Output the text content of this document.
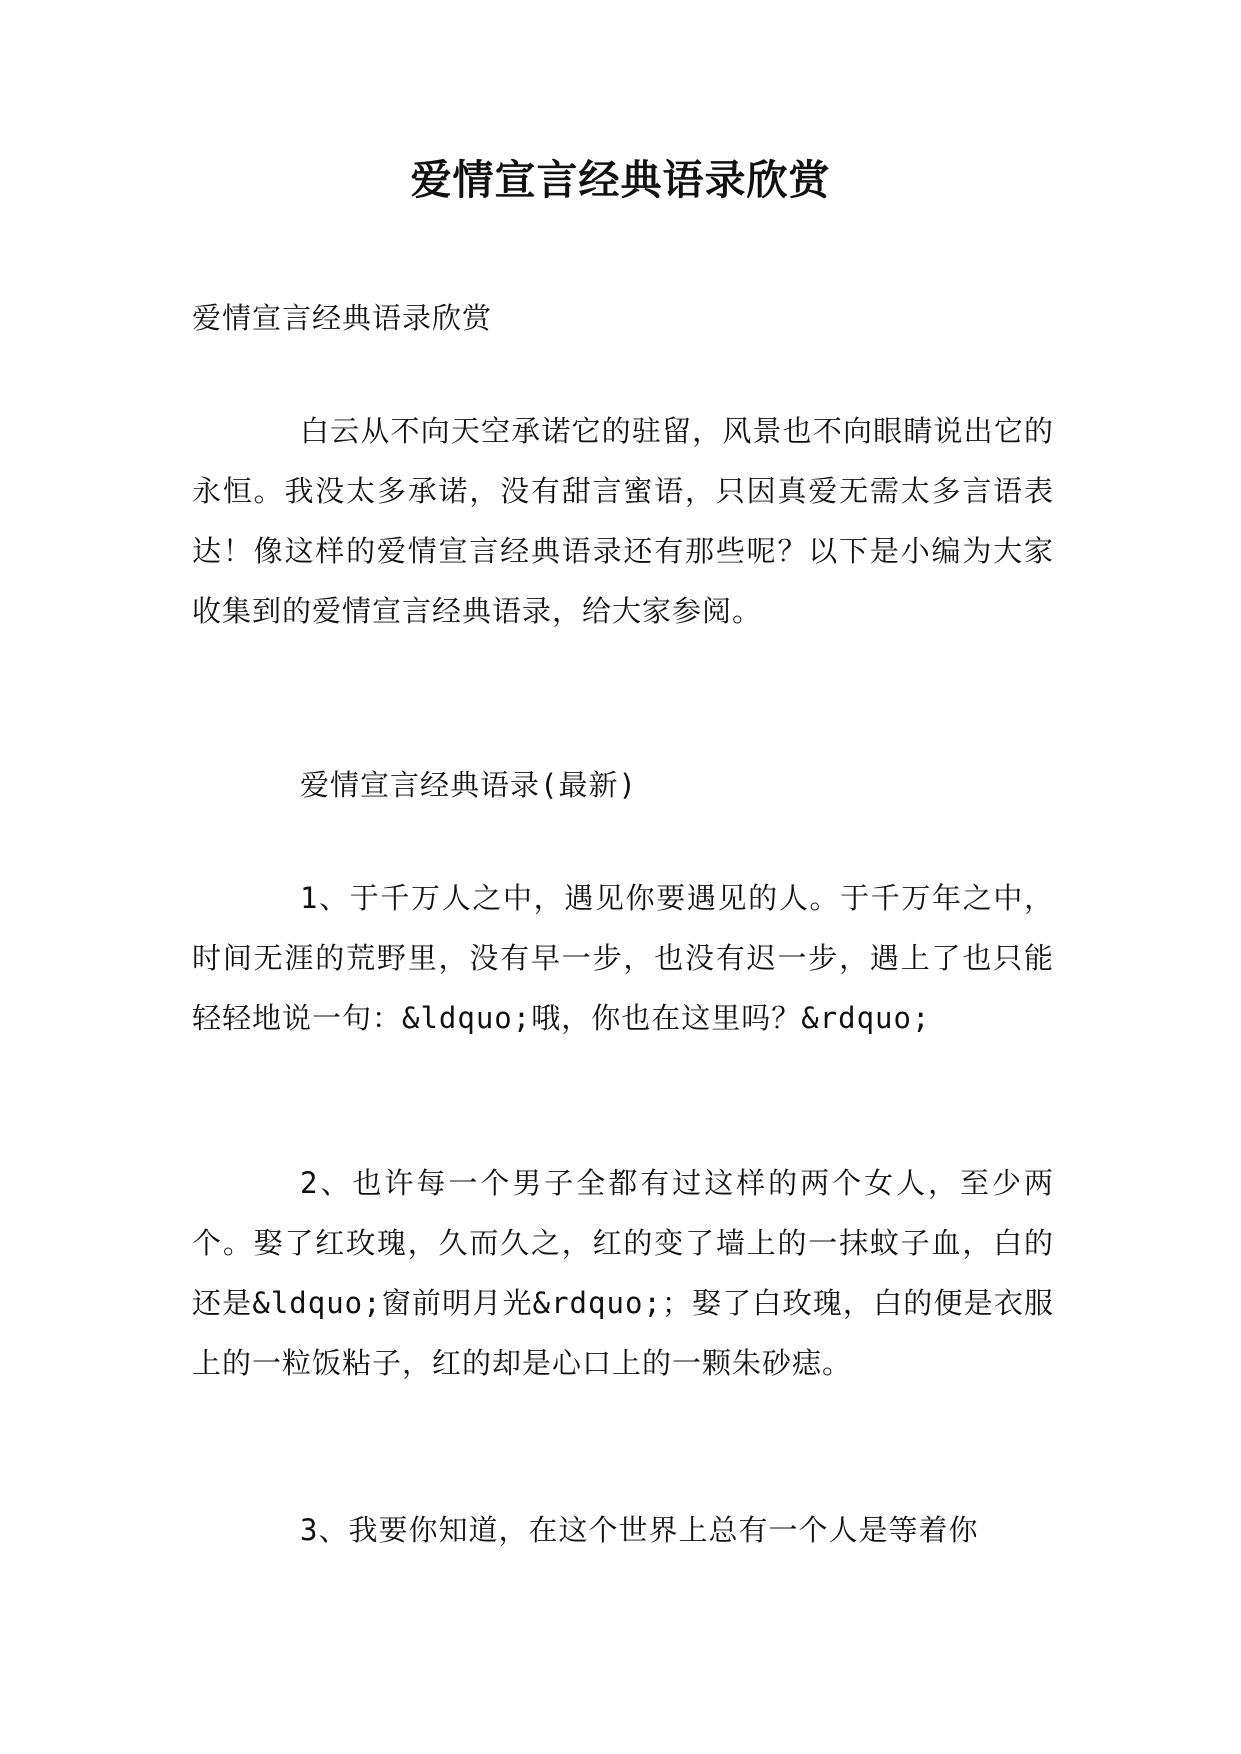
爱情宣言经典语录欣赏
爱情宣言经典语录欣赏
白云从不向天空承诺它的驻留，风景也不向眼睛说出它的永恒。我没太多承诺，没有甜言蜜语，只因真爱无需太多言语表达！像这样的爱情宣言经典语录还有那些呢？以下是小编为大家收集到的爱情宣言经典语录，给大家参阅。
爱情宣言经典语录(最新)
1、于千万人之中，遇见你要遇见的人。于千万年之中，时间无涯的荒野里，没有早一步，也没有迟一步，遇上了也只能轻轻地说一句：&ldquo;哦，你也在这里吗？&rdquo;
2、也许每一个男子全都有过这样的两个女人，至少两个。娶了红玫瑰，久而久之，红的变了墙上的一抹蚊子血，白的还是&ldquo;窗前明月光&rdquo;；娶了白玫瑰，白的便是衣服上的一粒饭粘子，红的却是心口上的一颗朱砂痣。
3、我要你知道，在这个世界上总有一个人是等着你
